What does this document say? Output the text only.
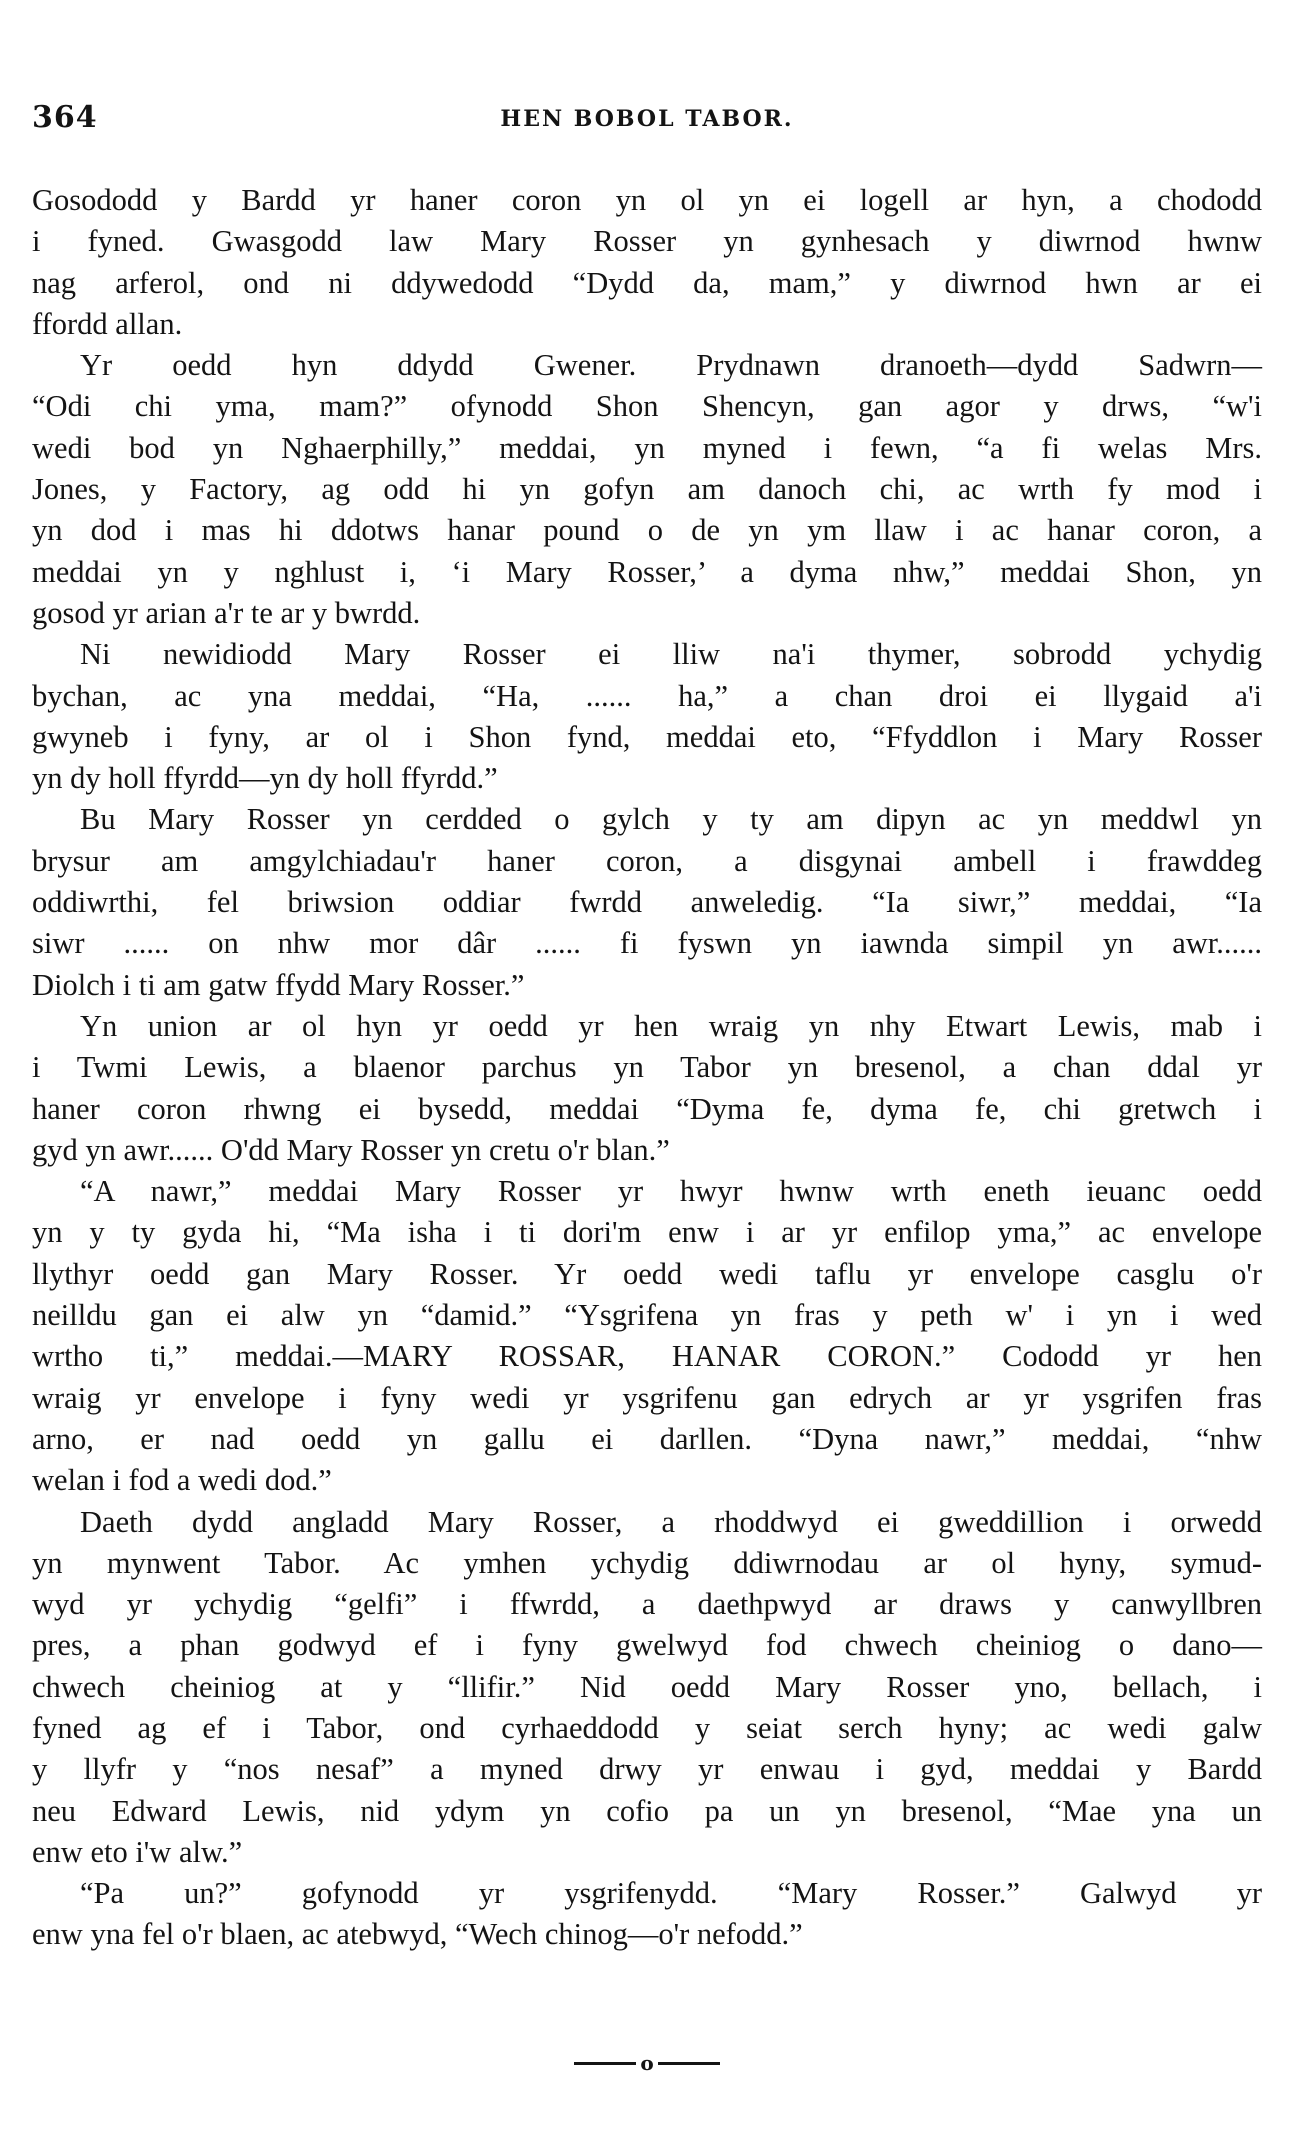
364	HEN BOBOL TABOR.
Gosododd y Bardd yr haner coron yn ol yn ei logell ar hyn, a chododd
i fyned. Gwasgodd law Mary Rosser yn gynhesach y diwrnod hwnw
nag arferol, ond ni ddywedodd “Dydd da, mam,” y diwrnod hwn ar ei
ffordd allan.
Yr oedd hyn ddydd Gwener. Prydnawn dranoeth—dydd Sadwrn—
“Odi chi yma, mam?” ofynodd Shon Shencyn, gan agor y drws, “w'i
wedi bod yn Nghaerphilly,” meddai, yn myned i fewn, “a fi welas Mrs.
Jones, y Factory, ag odd hi yn gofyn am danoch chi, ac wrth fy mod i
yn dod i mas hi ddotws hanar pound o de yn ym llaw i ac hanar coron, a
meddai yn y nghlust i, ‘i Mary Rosser,’ a dyma nhw,” meddai Shon, yn
gosod yr arian a'r te ar y bwrdd.
Ni newidiodd Mary Rosser ei lliw na'i thymer, sobrodd ychydig
bychan, ac yna meddai, “Ha, ...... ha,” a chan droi ei llygaid a'i
gwyneb i fyny, ar ol i Shon fynd, meddai eto, “Ffyddlon i Mary Rosser
yn dy holl ffyrdd—yn dy holl ffyrdd.”
Bu Mary Rosser yn cerdded o gylch y ty am dipyn ac yn meddwl yn
brysur am amgylchiadau'r haner coron, a disgynai ambell i frawddeg
oddiwrthi, fel briwsion oddiar fwrdd anweledig. “Ia siwr,” meddai, “Ia
siwr ...... on nhw mor dâr ...... fi fyswn yn iawnda simpil yn awr......
Diolch i ti am gatw ffydd Mary Rosser.”
Yn union ar ol hyn yr oedd yr hen wraig yn nhy Etwart Lewis, mab i
i Twmi Lewis, a blaenor parchus yn Tabor yn bresenol, a chan ddal yr
haner coron rhwng ei bysedd, meddai “Dyma fe, dyma fe, chi gretwch i
gyd yn awr...... O'dd Mary Rosser yn cretu o'r blan.”
“A nawr,” meddai Mary Rosser yr hwyr hwnw wrth eneth ieuanc oedd
yn y ty gyda hi, “Ma isha i ti dori'm enw i ar yr enfilop yma,” ac envelope
llythyr oedd gan Mary Rosser. Yr oedd wedi taflu yr envelope casglu o'r
neilldu gan ei alw yn “damid.” “Ysgrifena yn fras y peth w' i yn i wed
wrtho ti,” meddai.—MARY ROSSAR, HANAR CORON.” Cododd yr hen
wraig yr envelope i fyny wedi yr ysgrifenu gan edrych ar yr ysgrifen fras
arno, er nad oedd yn gallu ei darllen. “Dyna nawr,” meddai, “nhw
welan i fod a wedi dod.”
Daeth dydd angladd Mary Rosser, a rhoddwyd ei gweddillion i orwedd
yn mynwent Tabor. Ac ymhen ychydig ddiwrnodau ar ol hyny, symud-
wyd yr ychydig “gelfi” i ffwrdd, a daethpwyd ar draws y canwyllbren
pres, a phan godwyd ef i fyny gwelwyd fod chwech cheiniog o dano—
chwech cheiniog at y “llifir.” Nid oedd Mary Rosser yno, bellach, i
fyned ag ef i Tabor, ond cyrhaeddodd y seiat serch hyny; ac wedi galw
y llyfr y “nos nesaf” a myned drwy yr enwau i gyd, meddai y Bardd
neu Edward Lewis, nid ydym yn cofio pa un yn bresenol, “Mae yna un
enw eto i'w alw.”
“Pa un?” gofynodd yr ysgrifenydd. “Mary Rosser.” Galwyd yr
enw yna fel o'r blaen, ac atebwyd, “Wech chinog—o'r nefodd.”
o
